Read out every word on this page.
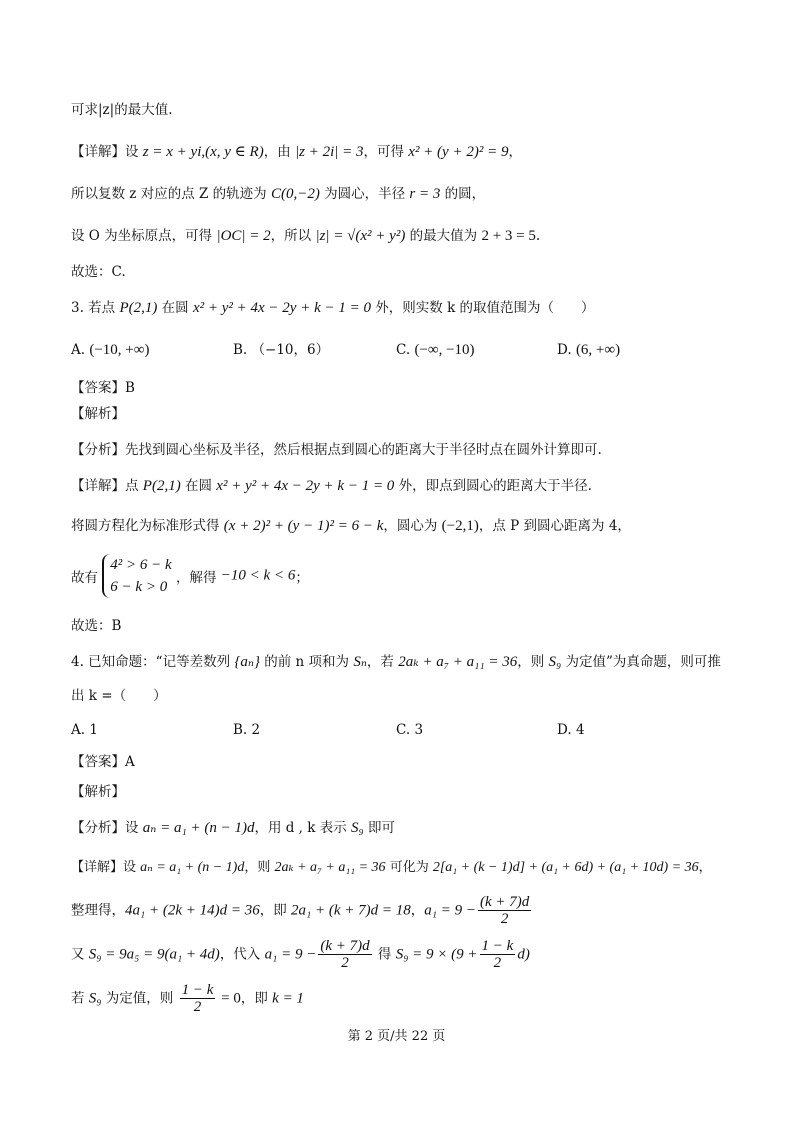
可求|z|的最大值.
【详解】设 z = x + yi,(x, y ∈ R)，由 |z + 2i| = 3，可得 x² + (y + 2)² = 9，
所以复数 z 对应的点 Z 的轨迹为 C(0,−2) 为圆心，半径 r = 3 的圆，
设 O 为坐标原点，可得 |OC| = 2，所以 |z| = √(x² + y²) 的最大值为 2 + 3 = 5.
故选：C.
3. 若点 P(2,1) 在圆 x² + y² + 4x − 2y + k − 1 = 0 外，则实数 k 的取值范围为（　　）
A. (−10, +∞)	B. （−10，6）	C. (−∞, −10)	D. (6, +∞)
【答案】B
【解析】
【分析】先找到圆心坐标及半径，然后根据点到圆心的距离大于半径时点在圆外计算即可.
【详解】点 P(2,1) 在圆 x² + y² + 4x − 2y + k − 1 = 0 外，即点到圆心的距离大于半径.
将圆方程化为标准形式得 (x + 2)² + (y − 1)² = 6 − k，圆心为 (−2,1)，点 P 到圆心距离为 4，
故有
4² > 6 − k
6 − k > 0
，解得 −10 < k < 6；
故选：B
4. 已知命题：“记等差数列 {aₙ} 的前 n 项和为 Sₙ，若 2aₖ + a₇ + a₁₁ = 36，则 S₉ 为定值”为真命题，则可推
出 k =（　　）
A. 1	B. 2	C. 3	D. 4
【答案】A
【解析】
【分析】设 aₙ = a₁ + (n − 1)d，用 d , k 表示 S₉ 即可
【详解】设 aₙ = a₁ + (n − 1)d，则 2aₖ + a₇ + a₁₁ = 36 可化为 2[a₁ + (k − 1)d] + (a₁ + 6d) + (a₁ + 10d) = 36，
整理得，4a₁ + (2k + 14)d = 36，即 2a₁ + (k + 7)d = 18，$a_1 = 9 - \frac{(k + 7)d}{2}$
又 S₉ = 9a₅ = 9(a₁ + 4d)，代入 $a_1 = 9 - \frac{(k + 7)d}{2}$ 得 $S_9 = 9 \times (9 + \frac{1 - k}{2} d)$
若 S₉ 为定值，则 $\frac{1 - k}{2} = 0$，即 k = 1
第 2 页/共 22 页
